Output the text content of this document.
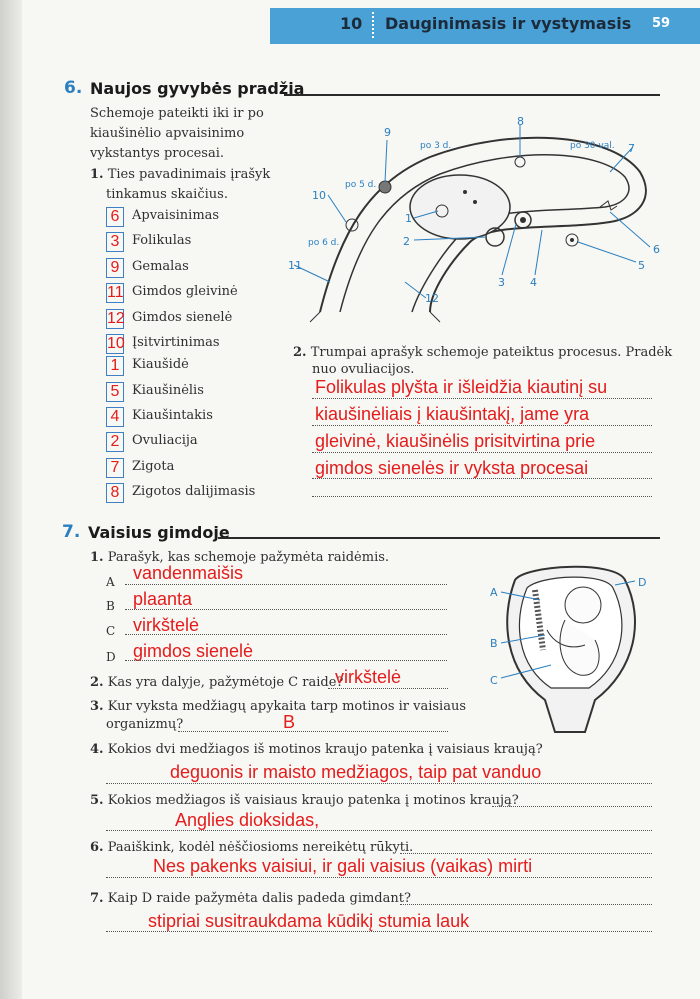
10 Dauginimasis ir vystymasis 59
6. Naujos gyvybės pradžia
Schemoje pateikti iki ir po
kiaušinėlio apvaisinimo
vykstantys procesai.
1. Ties pavadinimais įrašyk
tinkamus skaičius.
6 Apvaisinimas
3 Folikulas
9 Gemalas
11 Gimdos gleivinė
12 Gimdos sienelė
10 Įsitvirtinimas
1 Kiaušidė
5 Kiaušinėlis
4 Kiaušintakis
2 Ovuliacija
7 Zigota
8 Zigotos dalijimasis
9
8
7
10
1
2
6
5
11
3 4
12
po 3 d.
po 5 d.
po 30 val.
po 6 d.
2. Trumpai aprašyk schemoje pateiktus procesus. Pradėk
nuo ovuliacijos.
Folikulas plyšta ir išleidžia kiautinį su
kiaušinėliais į kiaušintakį, jame yra
gleivinė, kiaušinėlis prisitvirtina prie
gimdos sienelės ir vyksta procesai
7. Vaisius gimdoje
1. Parašyk, kas schemoje pažymėta raidėmis.
A vandenmaišis
B plaanta
C virkštelė
D gimdos sienelė
A
B
C
D
2. Kas yra dalyje, pažymėtoje C raide?
virkštelė
3. Kur vyksta medžiagų apykaita tarp motinos ir vaisiaus
organizmų?	B
4. Kokios dvi medžiagos iš motinos kraujo patenka į vaisiaus kraują?
deguonis ir maisto medžiagos, taip pat vanduo
5. Kokios medžiagos iš vaisiaus kraujo patenka į motinos kraują?
Anglies dioksidas,
6. Paaiškink, kodėl nėščiosioms nereikėtų rūkyti.
Nes pakenks vaisiui, ir gali vaisius (vaikas) mirti
7. Kaip D raide pažymėta dalis padeda gimdant?
stipriai susitraukdama kūdikį stumia lauk
